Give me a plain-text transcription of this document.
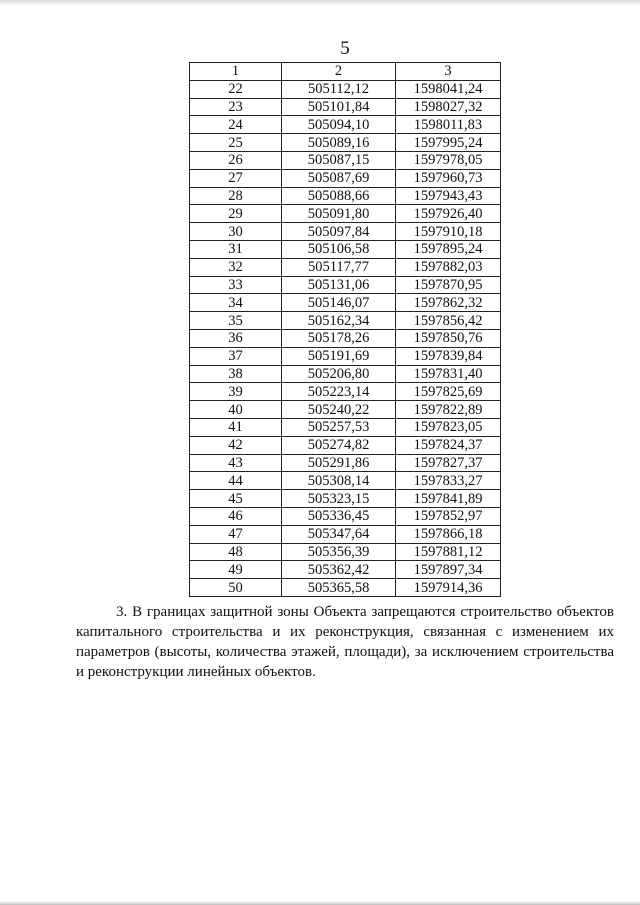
5
1	2	3
22	505112,12	1598041,24
23	505101,84	1598027,32
24	505094,10	1598011,83
25	505089,16	1597995,24
26	505087,15	1597978,05
27	505087,69	1597960,73
28	505088,66	1597943,43
29	505091,80	1597926,40
30	505097,84	1597910,18
31	505106,58	1597895,24
32	505117,77	1597882,03
33	505131,06	1597870,95
34	505146,07	1597862,32
35	505162,34	1597856,42
36	505178,26	1597850,76
37	505191,69	1597839,84
38	505206,80	1597831,40
39	505223,14	1597825,69
40	505240,22	1597822,89
41	505257,53	1597823,05
42	505274,82	1597824,37
43	505291,86	1597827,37
44	505308,14	1597833,27
45	505323,15	1597841,89
46	505336,45	1597852,97
47	505347,64	1597866,18
48	505356,39	1597881,12
49	505362,42	1597897,34
50	505365,58	1597914,36

3. В границах защитной зоны Объекта запрещаются строительство объектов капитального строительства и их реконструкция, связанная с изменением их параметров (высоты, количества этажей, площади), за исключением строительства и реконструкции линейных объектов.
